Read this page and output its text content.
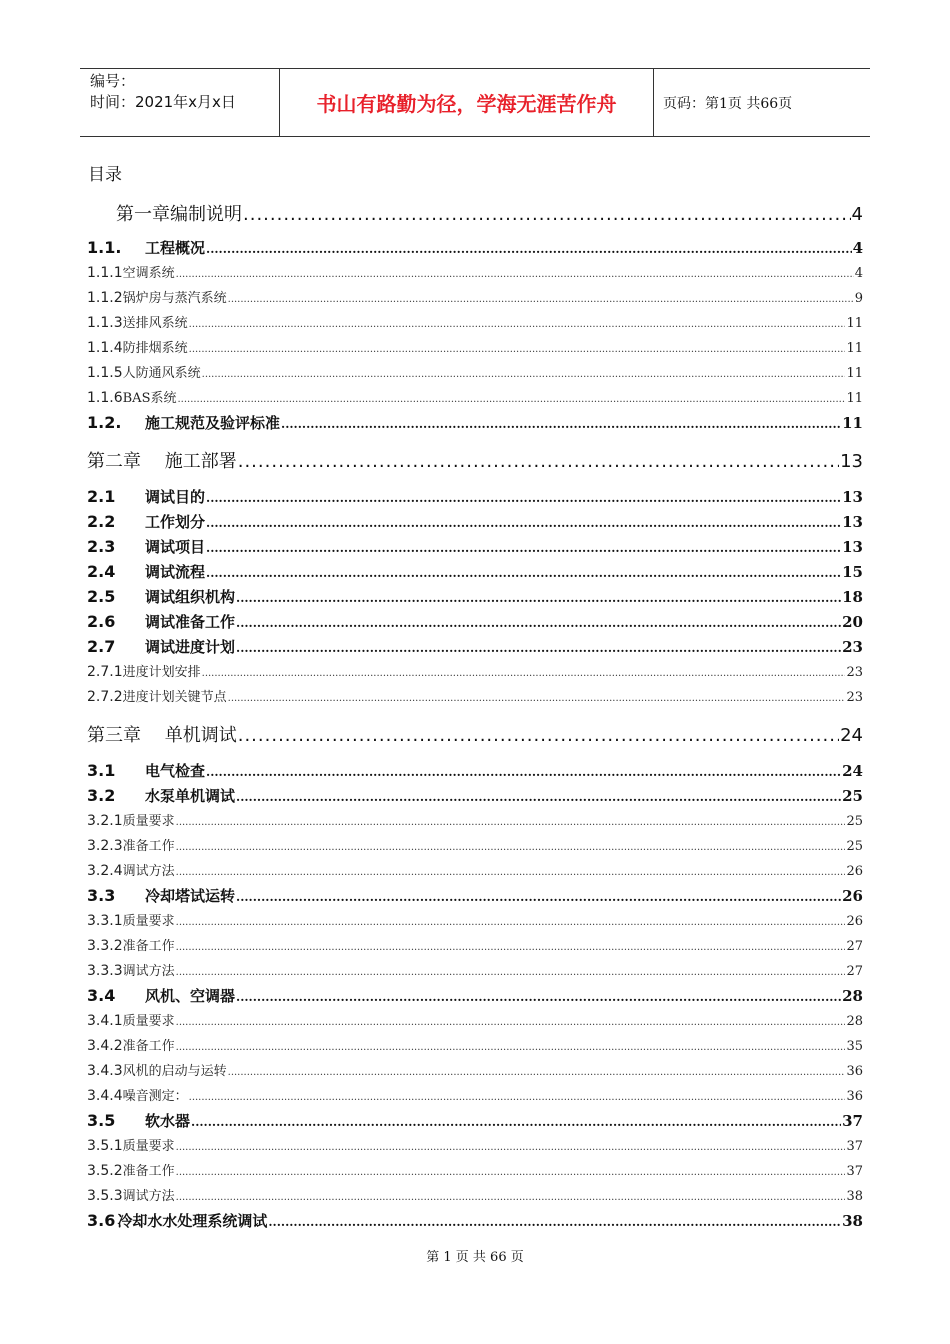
编号：
时间：2021年x月x日	书山有路勤为径，学海无涯苦作舟	页码：第1页 共66页
目录
第一章编制说明 .....	4
1.1. 工程概况 .....	4
1.1.1空调系统 .....	4
1.1.2锅炉房与蒸汽系统 .....	9
1.1.3送排风系统 .....	11
1.1.4防排烟系统 .....	11
1.1.5人防通风系统 .....	11
1.1.6BAS系统 .....	11
1.2. 施工规范及验评标准 .....	11
第二章　 施工部署 .....	13
2.1 调试目的 .....	13
2.2 工作划分 .....	13
2.3 调试项目 .....	13
2.4 调试流程 .....	15
2.5 调试组织机构 .....	18
2.6 调试准备工作 .....	20
2.7 调试进度计划 .....	23
2.7.1进度计划安排 .....	23
2.7.2进度计划关键节点 .....	23
第三章　 单机调试 .....	24
3.1 电气检查 .....	24
3.2 水泵单机调试 .....	25
3.2.1质量要求 .....	25
3.2.3准备工作 .....	25
3.2.4调试方法 .....	26
3.3 冷却塔试运转 .....	26
3.3.1质量要求 .....	26
3.3.2准备工作 .....	27
3.3.3调试方法 .....	27
3.4 风机、空调器 .....	28
3.4.1质量要求 .....	28
3.4.2准备工作 .....	35
3.4.3风机的启动与运转 .....	36
3.4.4噪音测定： .....	36
3.5 软水器 .....	37
3.5.1质量要求 .....	37
3.5.2准备工作 .....	37
3.5.3调试方法 .....	38
3.6 冷却水水处理系统调试 .....	38
第 1 页 共 66 页
